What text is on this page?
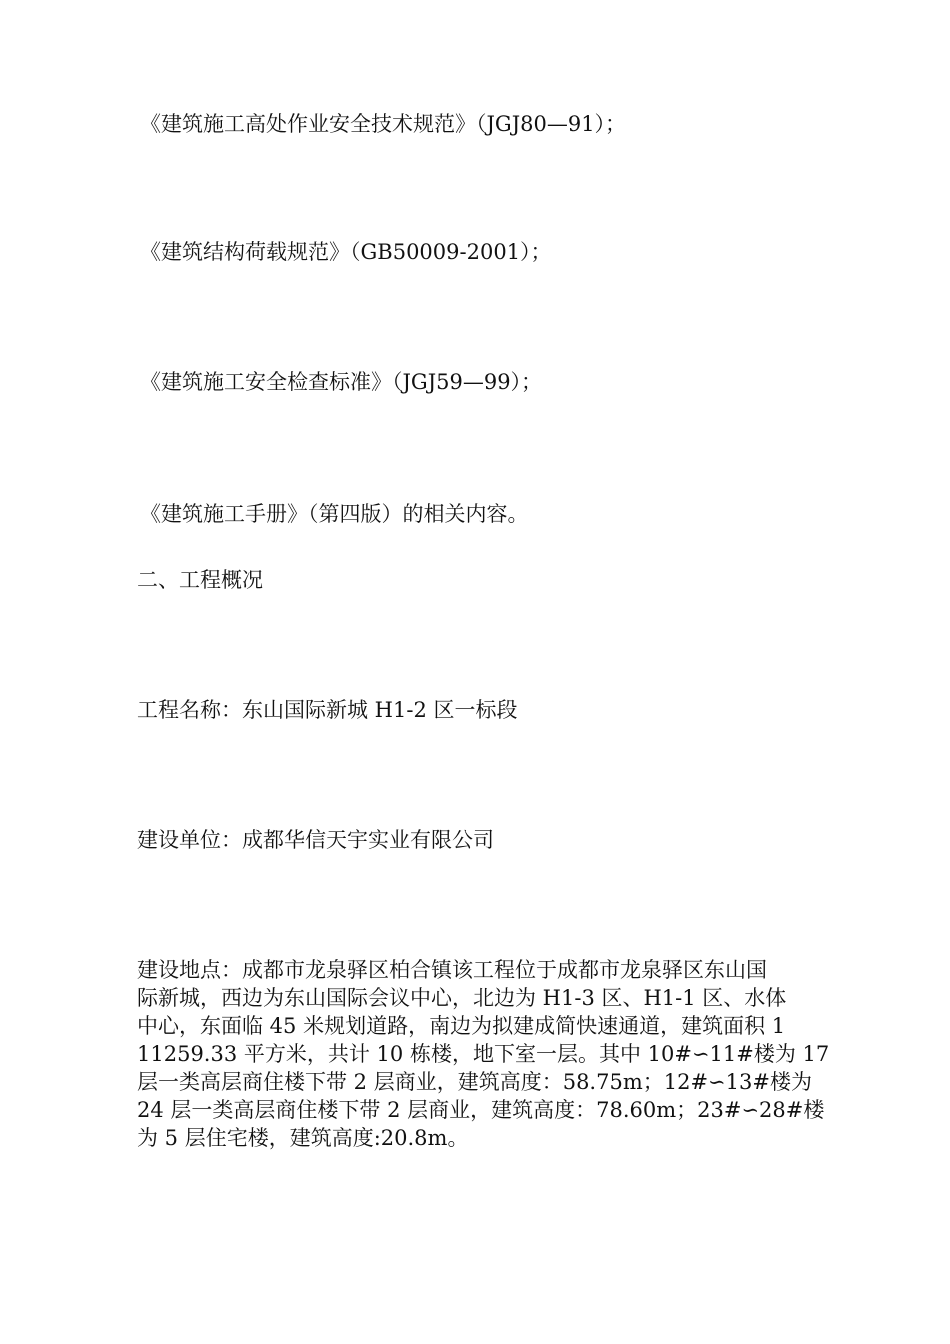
《建筑施工高处作业安全技术规范》（JGJ80—91）；

《建筑结构荷载规范》（GB50009-2001）；

《建筑施工安全检查标准》（JGJ59—99）；

《建筑施工手册》（第四版）的相关内容。

二、工程概况

工程名称：东山国际新城 H1-2 区一标段

建设单位：成都华信天宇实业有限公司

建设地点：成都市龙泉驿区柏合镇该工程位于成都市龙泉驿区东山国
际新城，西边为东山国际会议中心，北边为 H1-3 区、H1-1 区、水体
中心，东面临 45 米规划道路，南边为拟建成简快速通道，建筑面积 1
11259.33 平方米，共计 10 栋楼，地下室一层。其中 10#∽11#楼为 17
层一类高层商住楼下带 2 层商业，建筑高度：58.75m；12#∽13#楼为
24 层一类高层商住楼下带 2 层商业，建筑高度：78.60m；23#∽28#楼
为 5 层住宅楼，建筑高度:20.8m。
